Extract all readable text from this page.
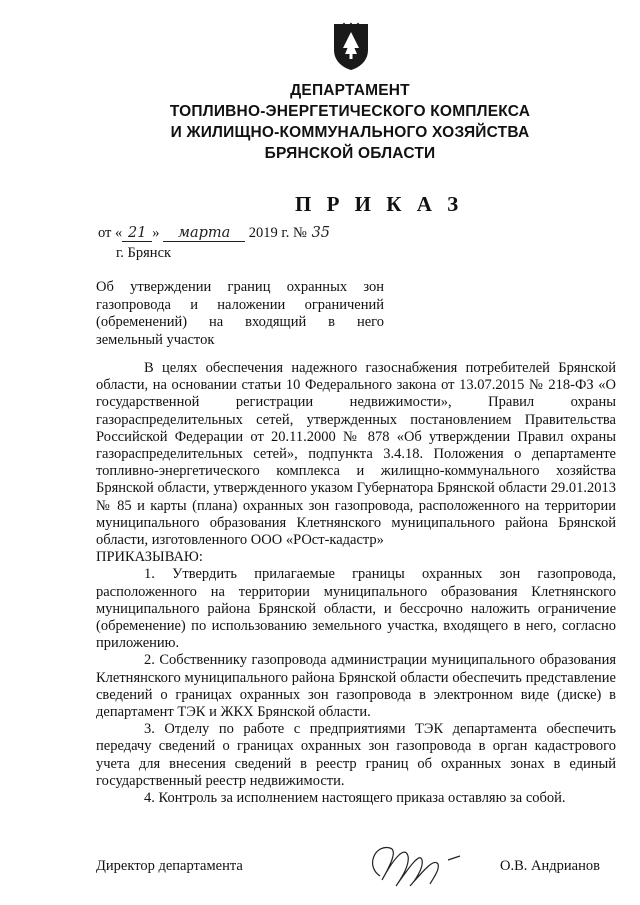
ДЕПАРТАМЕНТ
ТОПЛИВНО-ЭНЕРГЕТИЧЕСКОГО КОМПЛЕКСА
И ЖИЛИЩНО-КОММУНАЛЬНОГО ХОЗЯЙСТВА
БРЯНСКОЙ ОБЛАСТИ
П Р И К А З
от « 21 » марта 2019 г. № 35
г. Брянск
Об утверждении границ охранных зон
газопровода и наложении ограничений
(обременений) на входящий в него
земельный участок

В целях обеспечения надежного газоснабжения потребителей Брянской области, на основании статьи 10 Федерального закона от 13.07.2015 № 218-ФЗ «О государственной регистрации недвижимости», Правил охраны газораспределительных сетей, утвержденных постановлением Правительства Российской Федерации от 20.11.2000 № 878 «Об утверждении Правил охраны газораспределительных сетей», подпункта 3.4.18. Положения о департаменте топливно-энергетического комплекса и жилищно-коммунального хозяйства Брянской области, утвержденного указом Губернатора Брянской области 29.01.2013 № 85 и карты (плана) охранных зон газопровода, расположенного на территории муниципального образования Клетнянского муниципального района Брянской области, изготовленного ООО «РОст-кадастр»

ПРИКАЗЫВАЮ:

1. Утвердить прилагаемые границы охранных зон газопровода, расположенного на территории муниципального образования Клетнянского муниципального района Брянской области, и бессрочно наложить ограничение (обременение) по использованию земельного участка, входящего в него, согласно приложению.

2. Собственнику газопровода администрации муниципального образования Клетнянского муниципального района Брянской области обеспечить представление сведений о границах охранных зон газопровода в электронном виде (диске) в департамент ТЭК и ЖКХ Брянской области.

3. Отделу по работе с предприятиями ТЭК департамента обеспечить передачу сведений о границах охранных зон газопровода в орган кадастрового учета для внесения сведений в реестр границ об охранных зонах в единый государственный реестр недвижимости.

4. Контроль за исполнением настоящего приказа оставляю за собой.

Директор департамента	О.В. Андрианов
